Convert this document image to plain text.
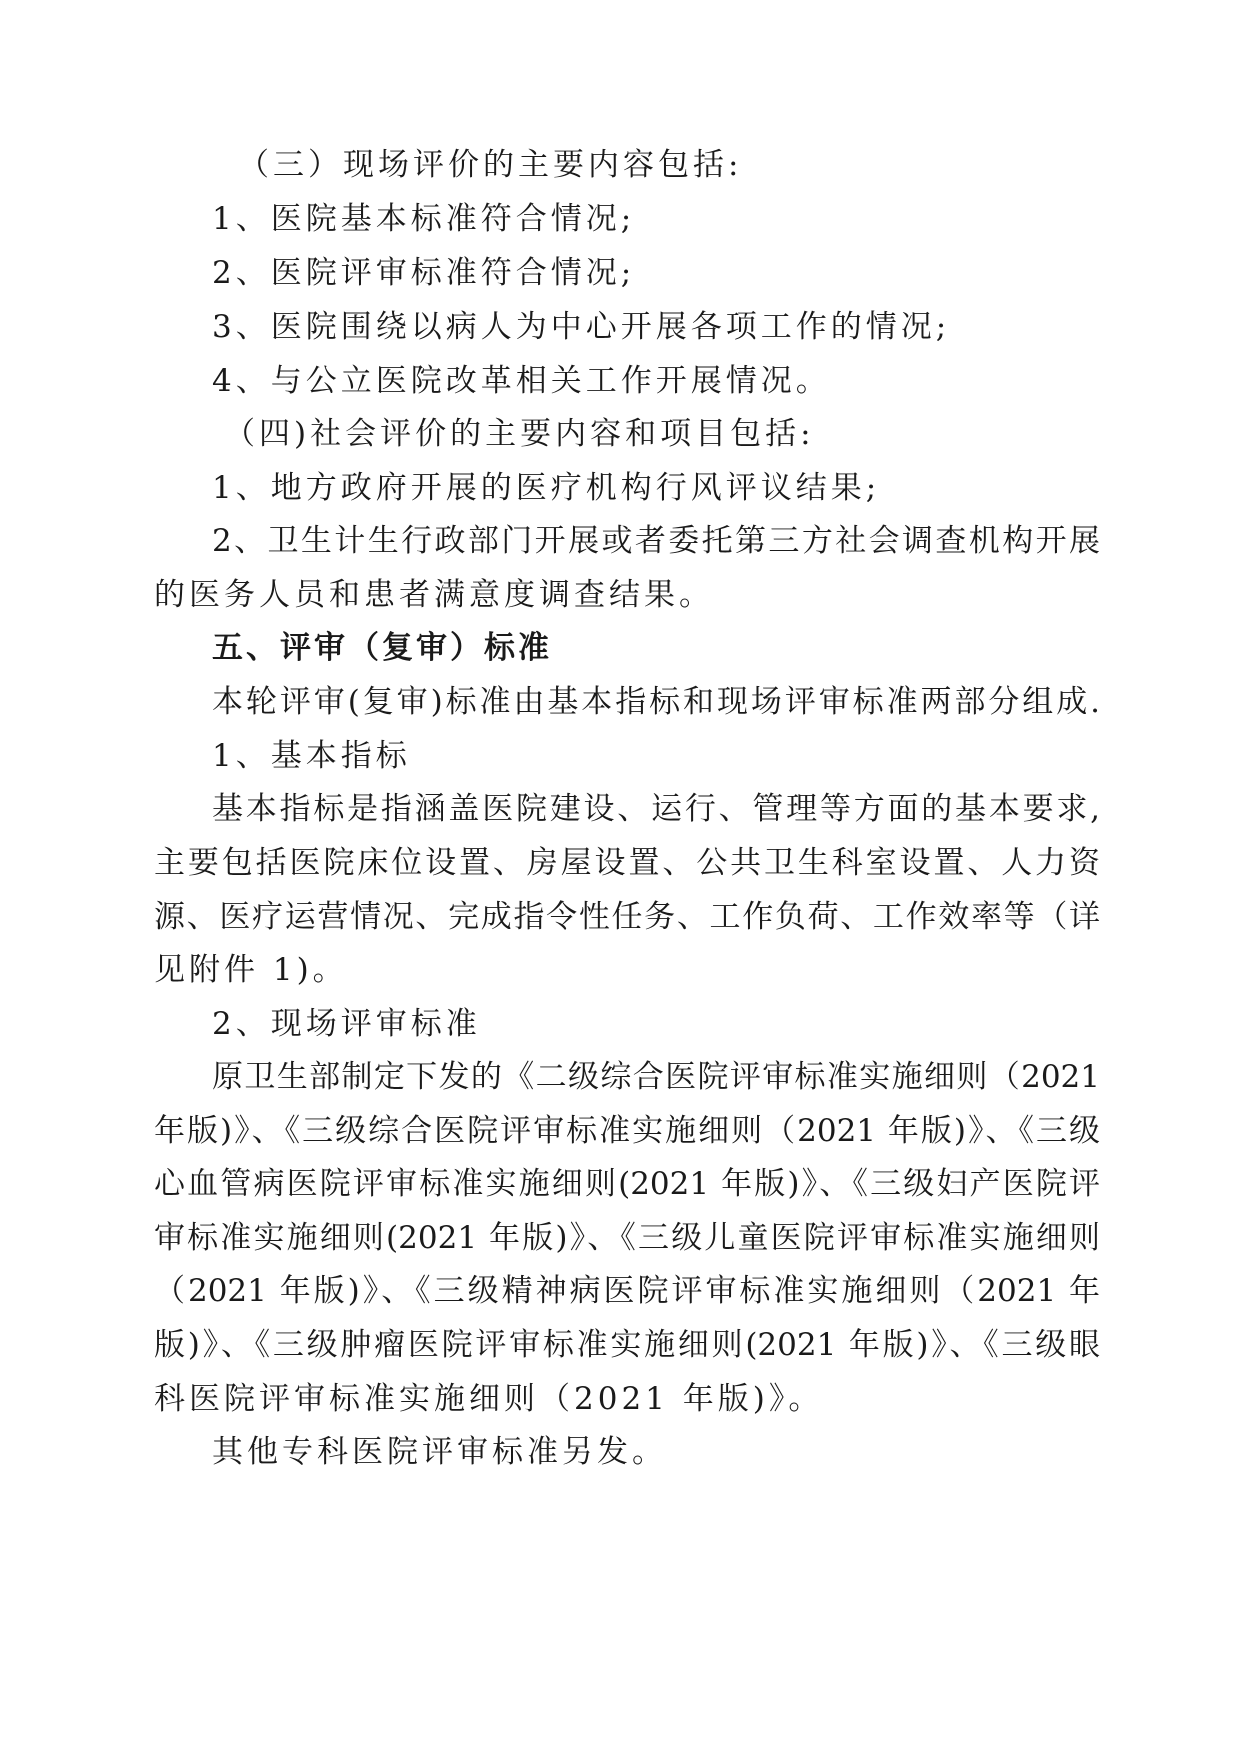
（三）现场评价的主要内容包括:
1、医院基本标准符合情况;
2、医院评审标准符合情况;
3、医院围绕以病人为中心开展各项工作的情况;
4、与公立医院改革相关工作开展情况。
（四)社会评价的主要内容和项目包括:
1、地方政府开展的医疗机构行风评议结果;
2、卫生计生行政部门开展或者委托第三方社会调查机构开展
的医务人员和患者满意度调查结果。
五、评审（复审）标准
本轮评审(复审)标准由基本指标和现场评审标准两部分组成.
1、基本指标
基本指标是指涵盖医院建设、运行、管理等方面的基本要求,
主要包括医院床位设置、房屋设置、公共卫生科室设置、人力资
源、医疗运营情况、完成指令性任务、工作负荷、工作效率等（详
见附件 1)。
2、现场评审标准
原卫生部制定下发的《二级综合医院评审标准实施细则（2021
年版)》、《三级综合医院评审标准实施细则（2021 年版)》、《三级
心血管病医院评审标准实施细则(2021 年版)》、《三级妇产医院评
审标准实施细则(2021 年版)》、《三级儿童医院评审标准实施细则
（2021 年版)》、《三级精神病医院评审标准实施细则（2021 年
版)》、《三级肿瘤医院评审标准实施细则(2021 年版)》、《三级眼
科医院评审标准实施细则（2021 年版)》。
其他专科医院评审标准另发。
